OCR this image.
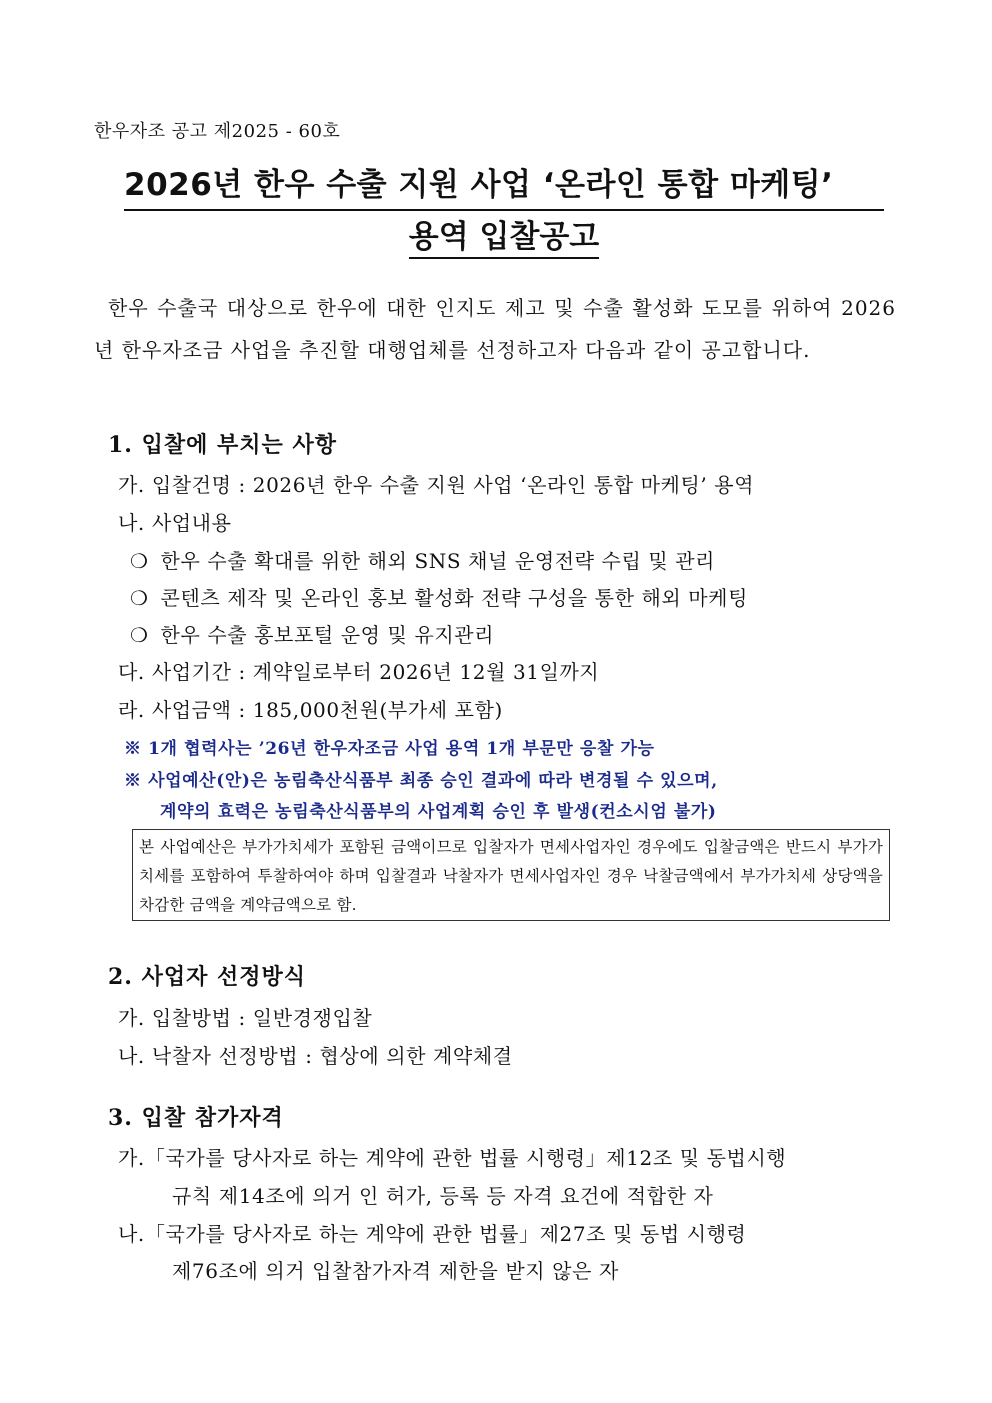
한우자조 공고 제2025 - 60호
2026년 한우 수출 지원 사업 ‘온라인 통합 마케팅’
용역 입찰공고
한우 수출국 대상으로 한우에 대한 인지도 제고 및 수출 활성화 도모를 위하여 2026년 한우자조금 사업을 추진할 대행업체를 선정하고자 다음과 같이 공고합니다.
1. 입찰에 부치는 사항
가. 입찰건명 : 2026년 한우 수출 지원 사업 ‘온라인 통합 마케팅’ 용역
나. 사업내용
❍ 한우 수출 확대를 위한 해외 SNS 채널 운영전략 수립 및 관리
❍ 콘텐츠 제작 및 온라인 홍보 활성화 전략 구성을 통한 해외 마케팅
❍ 한우 수출 홍보포털 운영 및 유지관리
다. 사업기간 : 계약일로부터 2026년 12월 31일까지
라. 사업금액 : 185,000천원(부가세 포함)
※ 1개 협력사는 ’26년 한우자조금 사업 용역 1개 부문만 응찰 가능
※ 사업예산(안)은 농림축산식품부 최종 승인 결과에 따라 변경될 수 있으며,
계약의 효력은 농림축산식품부의 사업계획 승인 후 발생(컨소시엄 불가)
본 사업예산은 부가가치세가 포함된 금액이므로 입찰자가 면세사업자인 경우에도 입찰금액은 반드시 부가가치세를 포함하여 투찰하여야 하며 입찰결과 낙찰자가 면세사업자인 경우 낙찰금액에서 부가가치세 상당액을 차감한 금액을 계약금액으로 함.
2. 사업자 선정방식
가. 입찰방법 : 일반경쟁입찰
나. 낙찰자 선정방법 : 협상에 의한 계약체결
3. 입찰 참가자격
가.「국가를 당사자로 하는 계약에 관한 법률 시행령」제12조 및 동법시행
규칙 제14조에 의거 인 허가, 등록 등 자격 요건에 적합한 자
나.「국가를 당사자로 하는 계약에 관한 법률」제27조 및 동법 시행령
제76조에 의거 입찰참가자격 제한을 받지 않은 자
